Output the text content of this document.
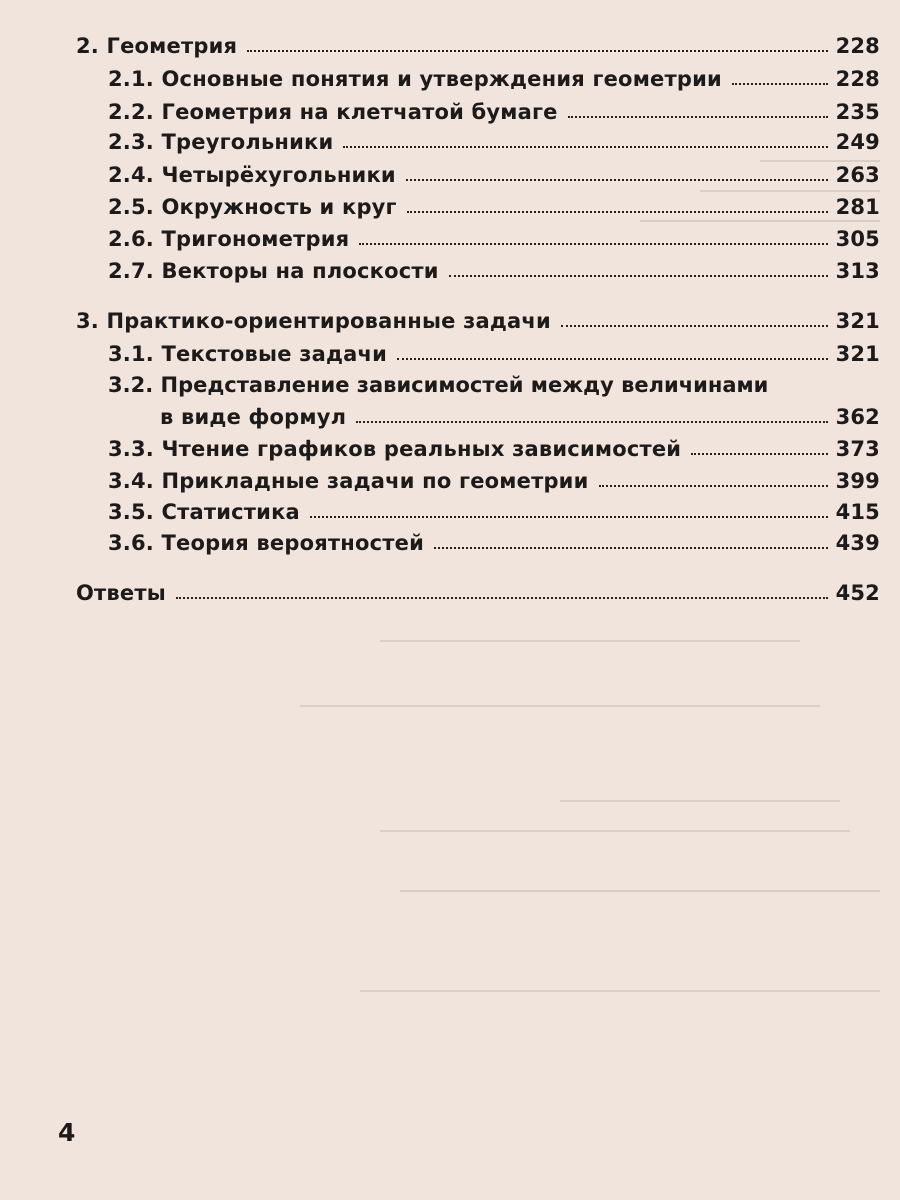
2. Геометрия	228
2.1. Основные понятия и утверждения геометрии	228
2.2. Геометрия на клетчатой бумаге	235
2.3. Треугольники	249
2.4. Четырёхугольники	263
2.5. Окружность и круг	281
2.6. Тригонометрия	305
2.7. Векторы на плоскости	313
3. Практико-ориентированные задачи	321
3.1. Текстовые задачи	321
3.2. Представление зависимостей между величинами
в виде формул	362
3.3. Чтение графиков реальных зависимостей	373
3.4. Прикладные задачи по геометрии	399
3.5. Статистика	415
3.6. Теория вероятностей	439
Ответы	452
4
